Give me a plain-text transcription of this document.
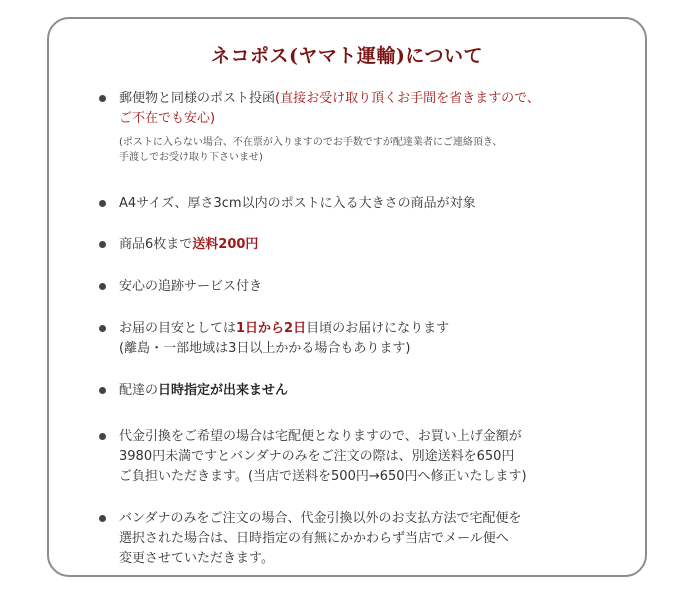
ネコポス(ヤマト運輸)について
郵便物と同様のポスト投函(直接お受け取り頂くお手間を省きますので、
ご不在でも安心)
(ポストに入らない場合、不在票が入りますのでお手数ですが配達業者にご連絡頂き、
手渡しでお受け取り下さいませ)
A4サイズ、厚さ3cm以内のポストに入る大きさの商品が対象
商品6枚まで送料200円
安心の追跡サービス付き
お届の目安としては1日から2日目頃のお届けになります
(離島・一部地域は3日以上かかる場合もあります)
配達の日時指定が出来ません
代金引換をご希望の場合は宅配便となりますので、お買い上げ金額が
3980円未満ですとバンダナのみをご注文の際は、別途送料を650円
ご負担いただきます。(当店で送料を500円→650円へ修正いたします)
バンダナのみをご注文の場合、代金引換以外のお支払方法で宅配便を
選択された場合は、日時指定の有無にかかわらず当店でメール便へ
変更させていただきます。
